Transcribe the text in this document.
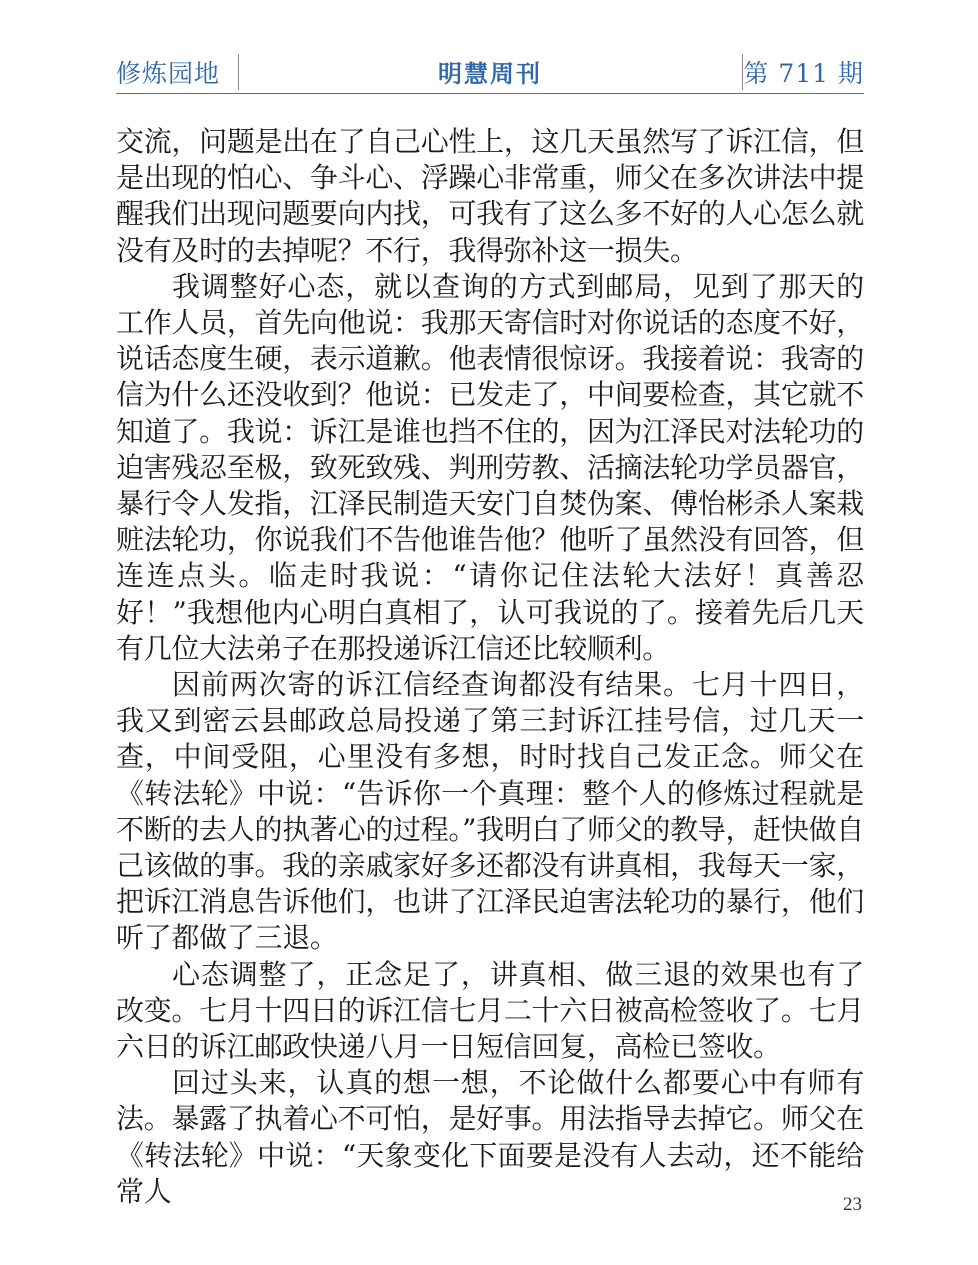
修炼园地	明慧周刊	第 711 期

交流，问题是出在了自己心性上，这几天虽然写了诉江信，但是出现的怕心、争斗心、浮躁心非常重，师父在多次讲法中提醒我们出现问题要向内找，可我有了这么多不好的人心怎么就没有及时的去掉呢？不行，我得弥补这一损失。

我调整好心态，就以查询的方式到邮局，见到了那天的工作人员，首先向他说：我那天寄信时对你说话的态度不好，说话态度生硬，表示道歉。他表情很惊讶。我接着说：我寄的信为什么还没收到？他说：已发走了，中间要检查，其它就不知道了。我说：诉江是谁也挡不住的，因为江泽民对法轮功的迫害残忍至极，致死致残、判刑劳教、活摘法轮功学员器官，暴行令人发指，江泽民制造天安门自焚伪案、傅怡彬杀人案栽赃法轮功，你说我们不告他谁告他？他听了虽然没有回答，但连连点头。临走时我说：“请你记住法轮大法好！真善忍好！”我想他内心明白真相了，认可我说的了。接着先后几天有几位大法弟子在那投递诉江信还比较顺利。

因前两次寄的诉江信经查询都没有结果。七月十四日，我又到密云县邮政总局投递了第三封诉江挂号信，过几天一查，中间受阻，心里没有多想，时时找自己发正念。师父在《转法轮》中说：“告诉你一个真理：整个人的修炼过程就是不断的去人的执著心的过程。”我明白了师父的教导，赶快做自己该做的事。我的亲戚家好多还都没有讲真相，我每天一家，把诉江消息告诉他们，也讲了江泽民迫害法轮功的暴行，他们听了都做了三退。

心态调整了，正念足了，讲真相、做三退的效果也有了改变。七月十四日的诉江信七月二十六日被高检签收了。七月六日的诉江邮政快递八月一日短信回复，高检已签收。

回过头来，认真的想一想，不论做什么都要心中有师有法。暴露了执着心不可怕，是好事。用法指导去掉它。师父在《转法轮》中说：“天象变化下面要是没有人去动，还不能给常人	23
